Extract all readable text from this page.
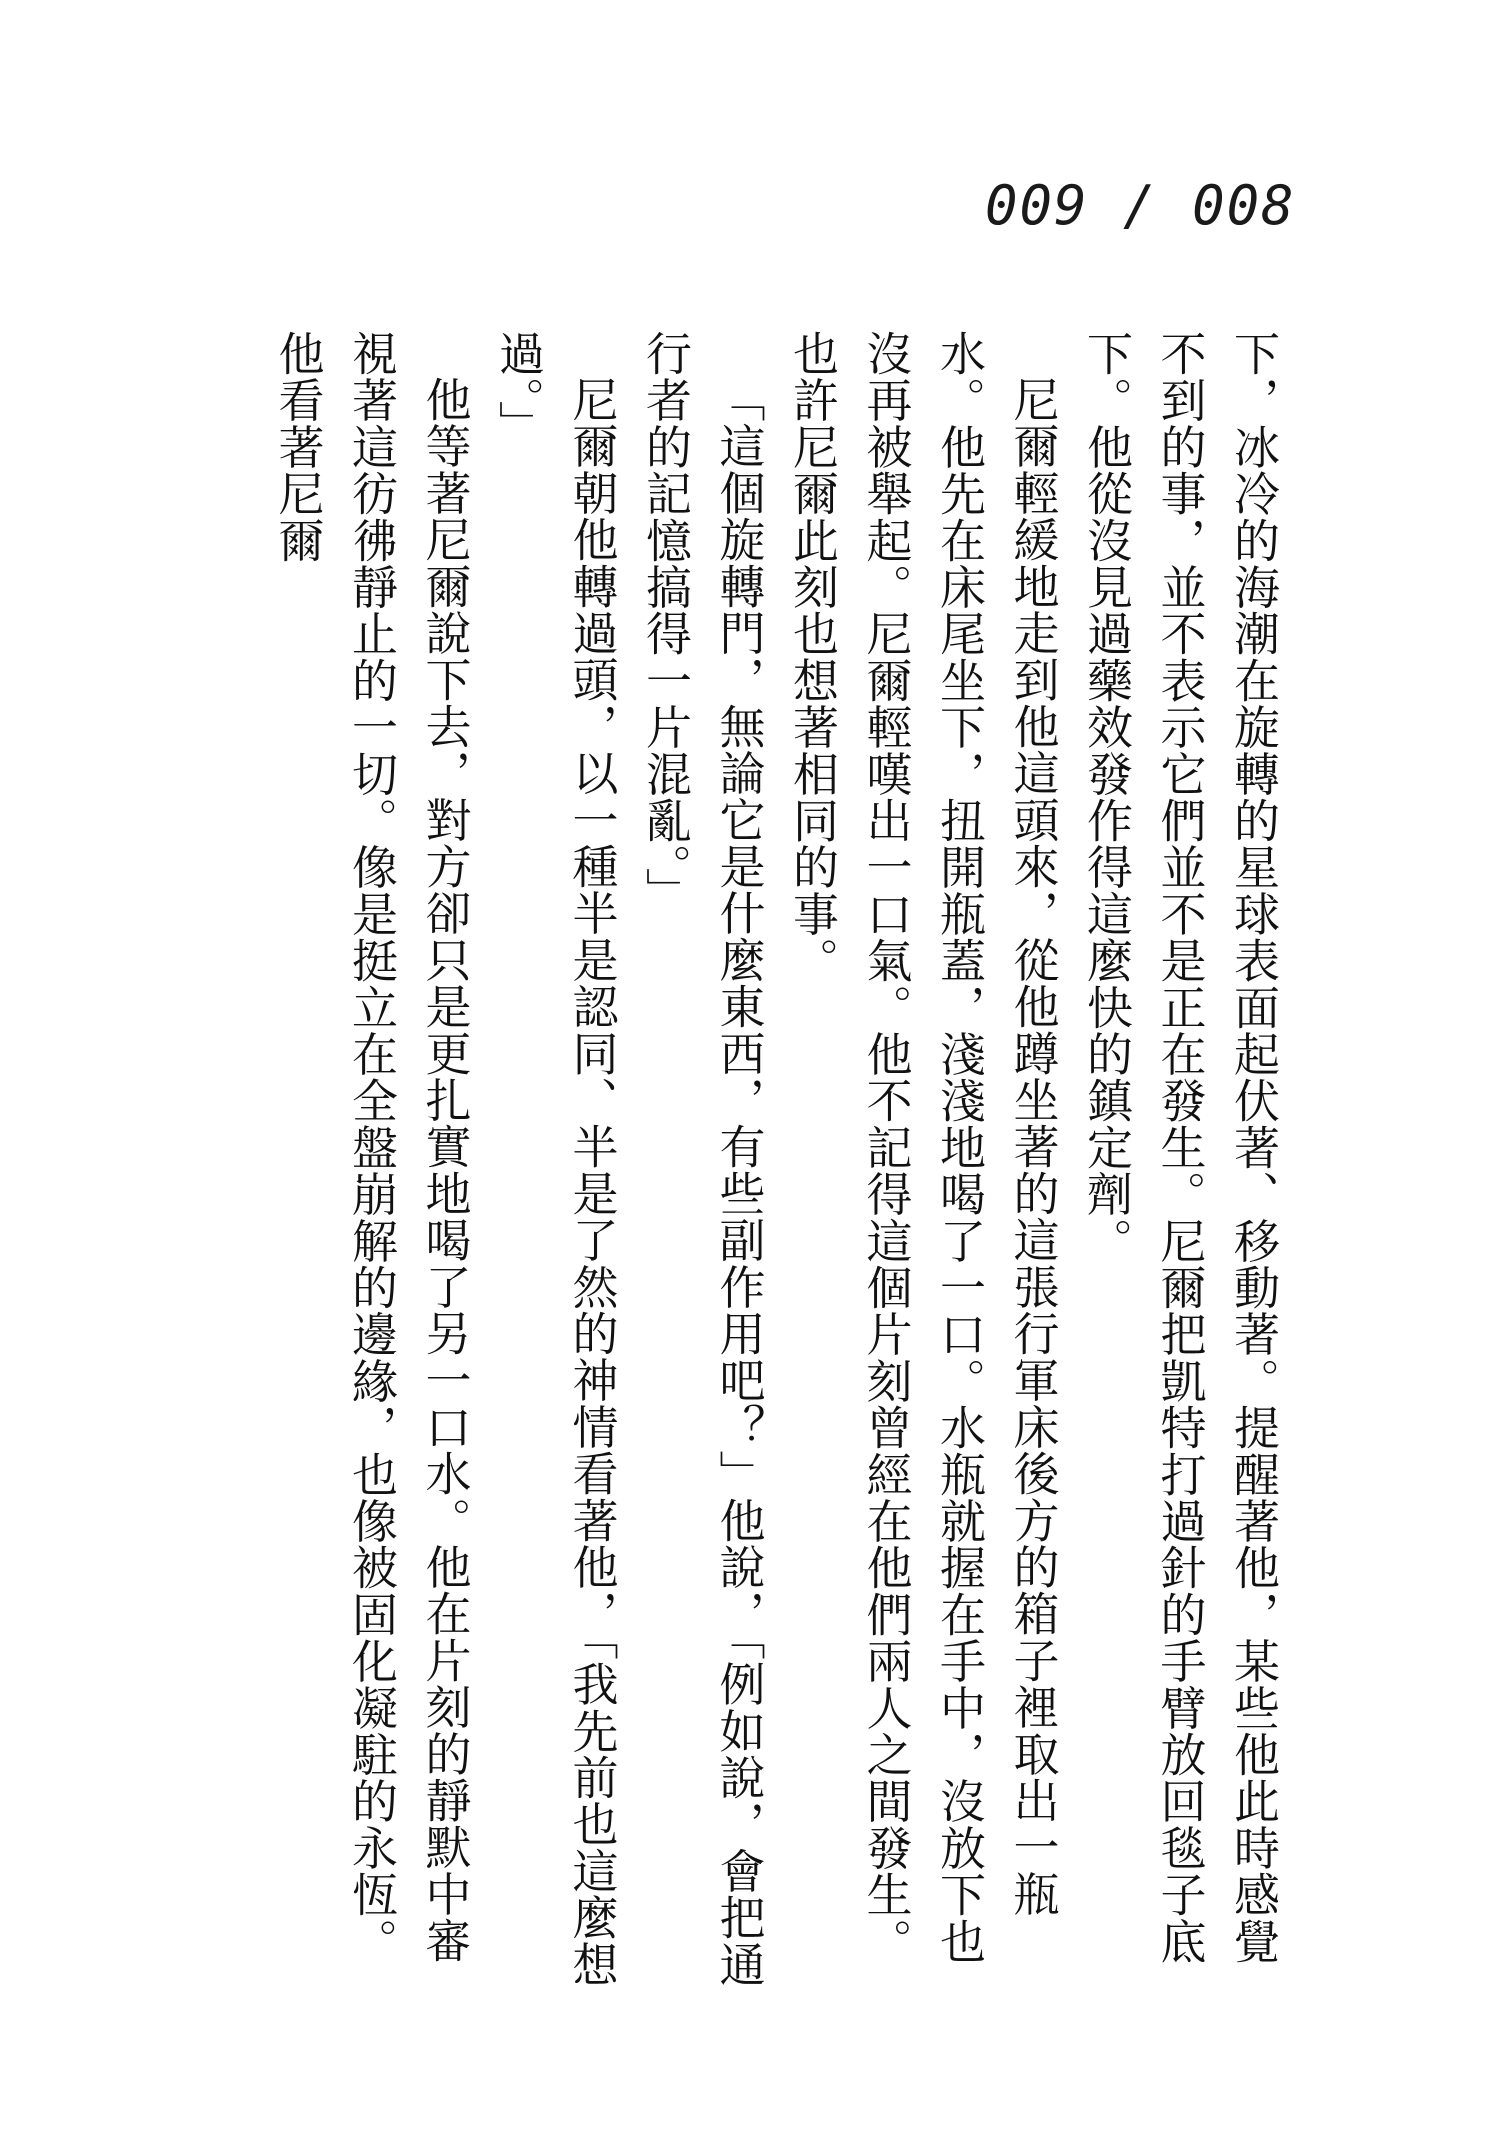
009 / 008

下，冰冷的海潮在旋轉的星球表面起伏著、移動著。提醒著他，某些他此時感覺不到的事，並不表示它們並不是正在發生。尼爾把凱特打過針的手臂放回毯子底下。他從沒見過藥效發作得這麼快的鎮定劑。

尼爾輕緩地走到他這頭來，從他蹲坐著的這張行軍床後方的箱子裡取出一瓶水。他先在床尾坐下，扭開瓶蓋，淺淺地喝了一口。水瓶就握在手中，沒放下也沒再被舉起。尼爾輕嘆出一口氣。他不記得這個片刻曾經在他們兩人之間發生。也許尼爾此刻也想著相同的事。

「這個旋轉門，無論它是什麼東西，有些副作用吧？」他說，「例如說，會把通行者的記憶搞得一片混亂。」

尼爾朝他轉過頭，以一種半是認同、半是了然的神情看著他，「我先前也這麼想過。」

他等著尼爾說下去，對方卻只是更扎實地喝了另一口水。他在片刻的靜默中審視著這彷彿靜止的一切。像是挺立在全盤崩解的邊緣，也像被固化凝駐的永恆。他看著尼爾
